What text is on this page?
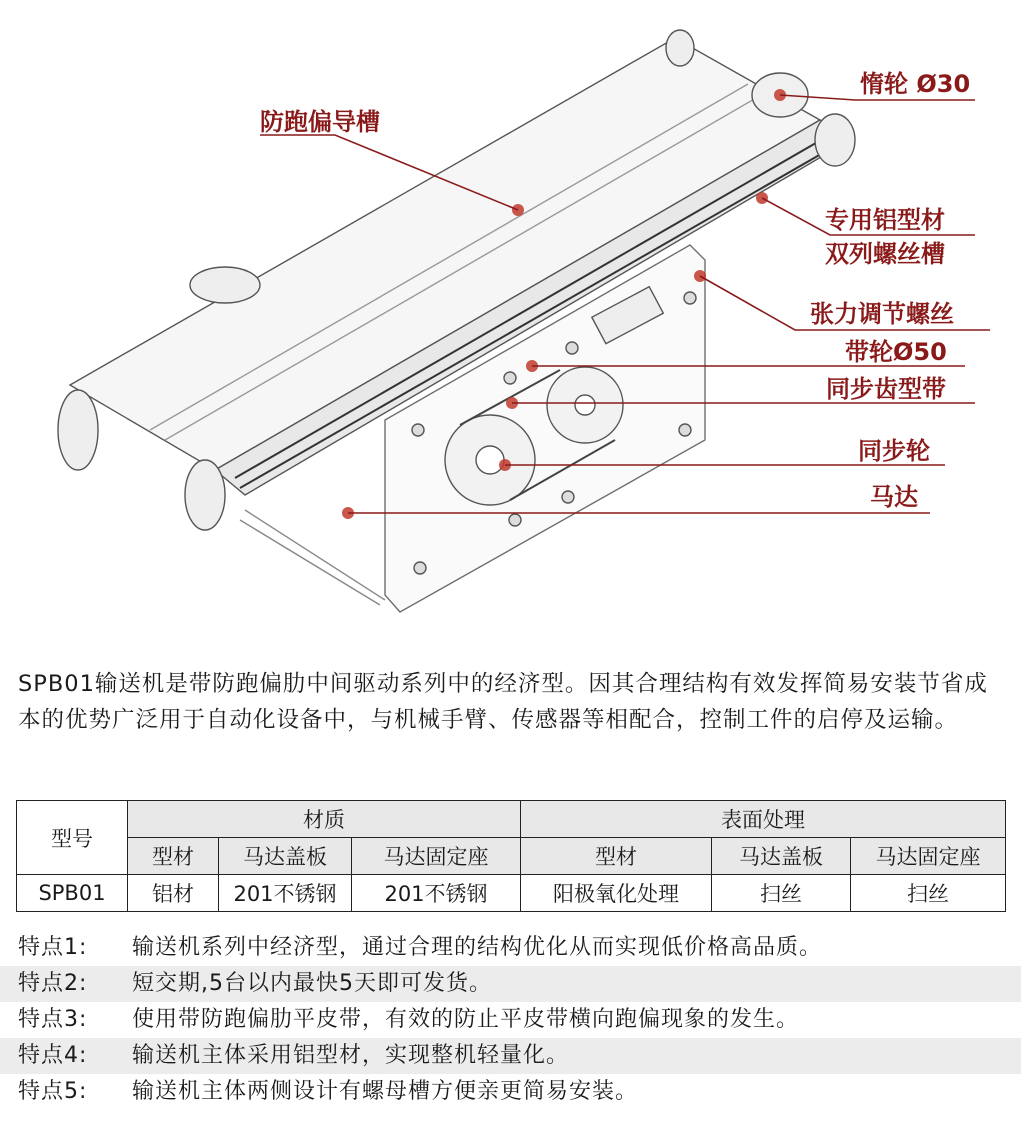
惰轮 Ø30
防跑偏导槽
专用铝型材
双列螺丝槽
张力调节螺丝
带轮Ø50
同步齿型带
同步轮
马达
SPB01输送机是带防跑偏肋中间驱动系列中的经济型。因其合理结构有效发挥简易安装节省成本的优势广泛用于自动化设备中，与机械手臂、传感器等相配合，控制工件的启停及运输。
型号	材质			表面处理		
	型材	马达盖板	马达固定座	型材	马达盖板	马达固定座
SPB01	铝材	201不锈钢	201不锈钢	阳极氧化处理	扫丝	扫丝
特点1: 输送机系列中经济型，通过合理的结构优化从而实现低价格高品质。
特点2: 短交期,5台以内最快5天即可发货。
特点3: 使用带防跑偏肋平皮带，有效的防止平皮带横向跑偏现象的发生。
特点4: 输送机主体采用铝型材，实现整机轻量化。
特点5: 输送机主体两侧设计有螺母槽方便亲更简易安装。
